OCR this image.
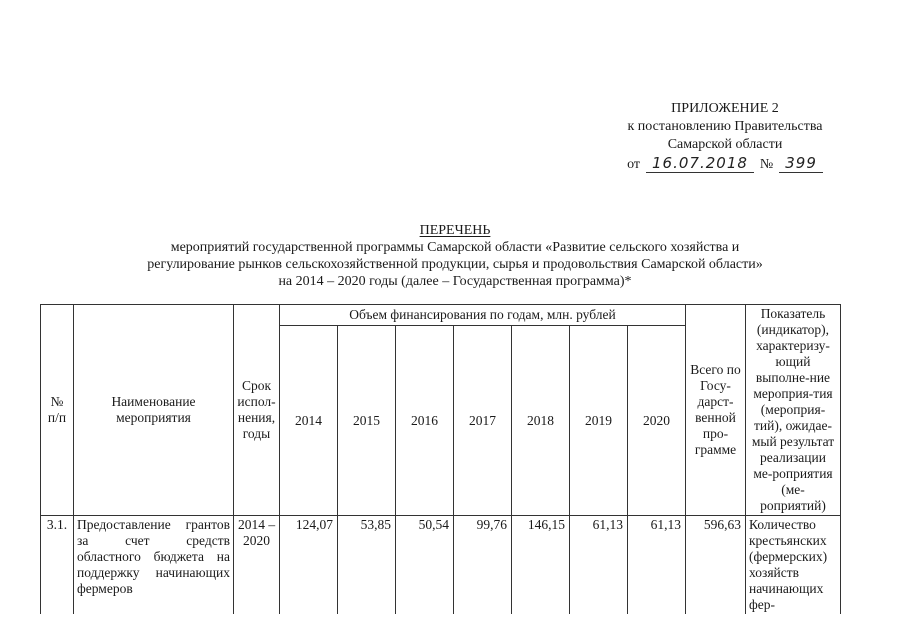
ПРИЛОЖЕНИЕ 2
к постановлению Правительства
Самарской области
от 16.07.2018 № 399
ПЕРЕЧЕНЬ
мероприятий государственной программы Самарской области «Развитие сельского хозяйства и
регулирование рынков сельскохозяйственной продукции, сырья и продовольствия Самарской области»
на 2014 – 2020 годы (далее – Государственная программа)*
№ п/п	Наименование мероприятия	Срок испол-нения, годы	Объем финансирования по годам, млн. рублей							Всего по Госу-дарст-венной про-грамме	Показатель (индикатор), характеризу-ющий выполне-ние мероприя-тия (мероприя-тий), ожидае-мый результат реализации ме-роприятия (ме-роприятий)
			2014	2015	2016	2017	2018	2019	2020		
3.1.	Предоставление грантов за счет средств областного бюджета на поддержку начинающих фермеров	2014 – 2020	124,07	53,85	50,54	99,76	146,15	61,13	61,13	596,63	Количество крестьянских (фермерских) хозяйств начинающих фер-
